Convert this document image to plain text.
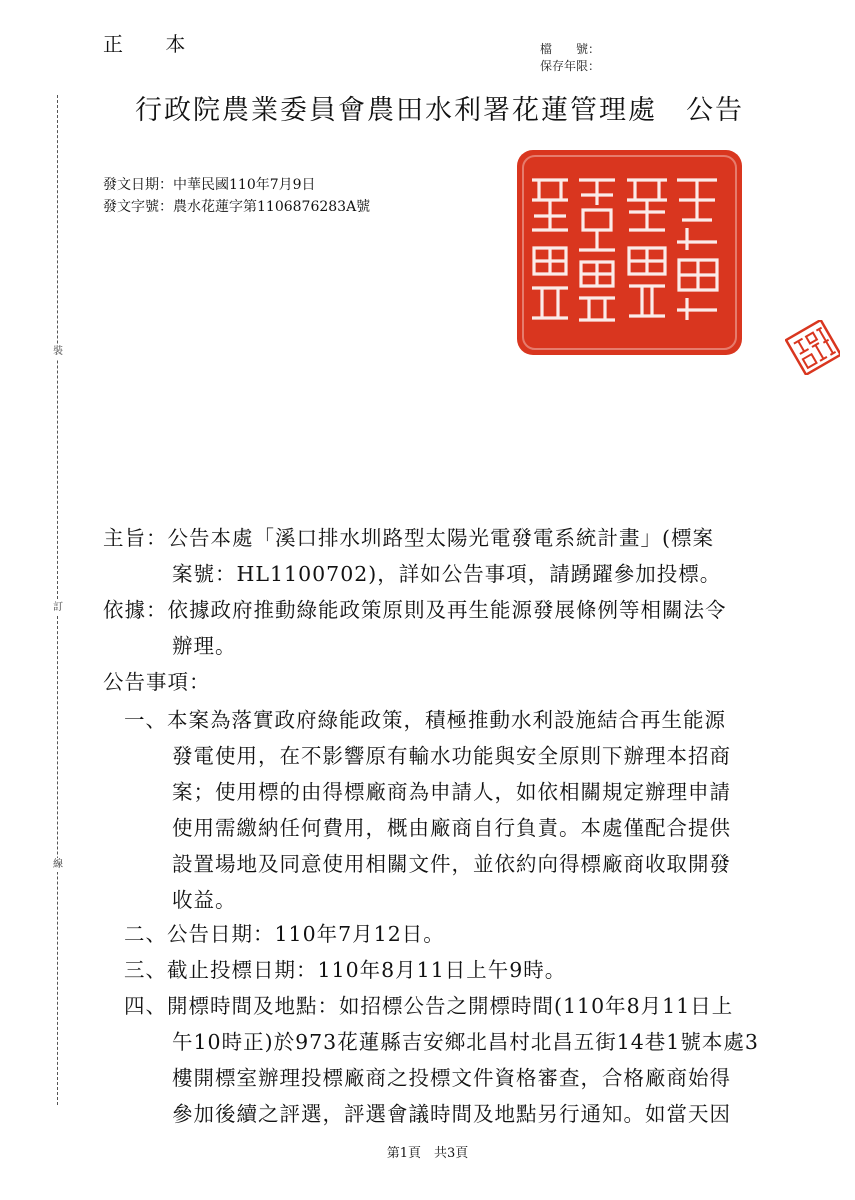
正 本	檔　　號：
保存年限：
裝
訂
線
行政院農業委員會農田水利署花蓮管理處　公告
發文日期：中華民國110年7月9日
發文字號：農水花蓮字第1106876283A號
主旨：公告本處「溪口排水圳路型太陽光電發電系統計畫」(標案
案號：HL1100702)，詳如公告事項，請踴躍參加投標。
依據：依據政府推動綠能政策原則及再生能源發展條例等相關法令
辦理。
公告事項：
一、本案為落實政府綠能政策，積極推動水利設施結合再生能源
發電使用，在不影響原有輸水功能與安全原則下辦理本招商
案；使用標的由得標廠商為申請人，如依相關規定辦理申請
使用需繳納任何費用，概由廠商自行負責。本處僅配合提供
設置場地及同意使用相關文件，並依約向得標廠商收取開發
收益。
二、公告日期：110年7月12日。
三、截止投標日期：110年8月11日上午9時。
四、開標時間及地點：如招標公告之開標時間(110年8月11日上
午10時正)於973花蓮縣吉安鄉北昌村北昌五街14巷1號本處3
樓開標室辦理投標廠商之投標文件資格審查，合格廠商始得
參加後續之評選，評選會議時間及地點另行通知。如當天因
第1頁　共3頁
